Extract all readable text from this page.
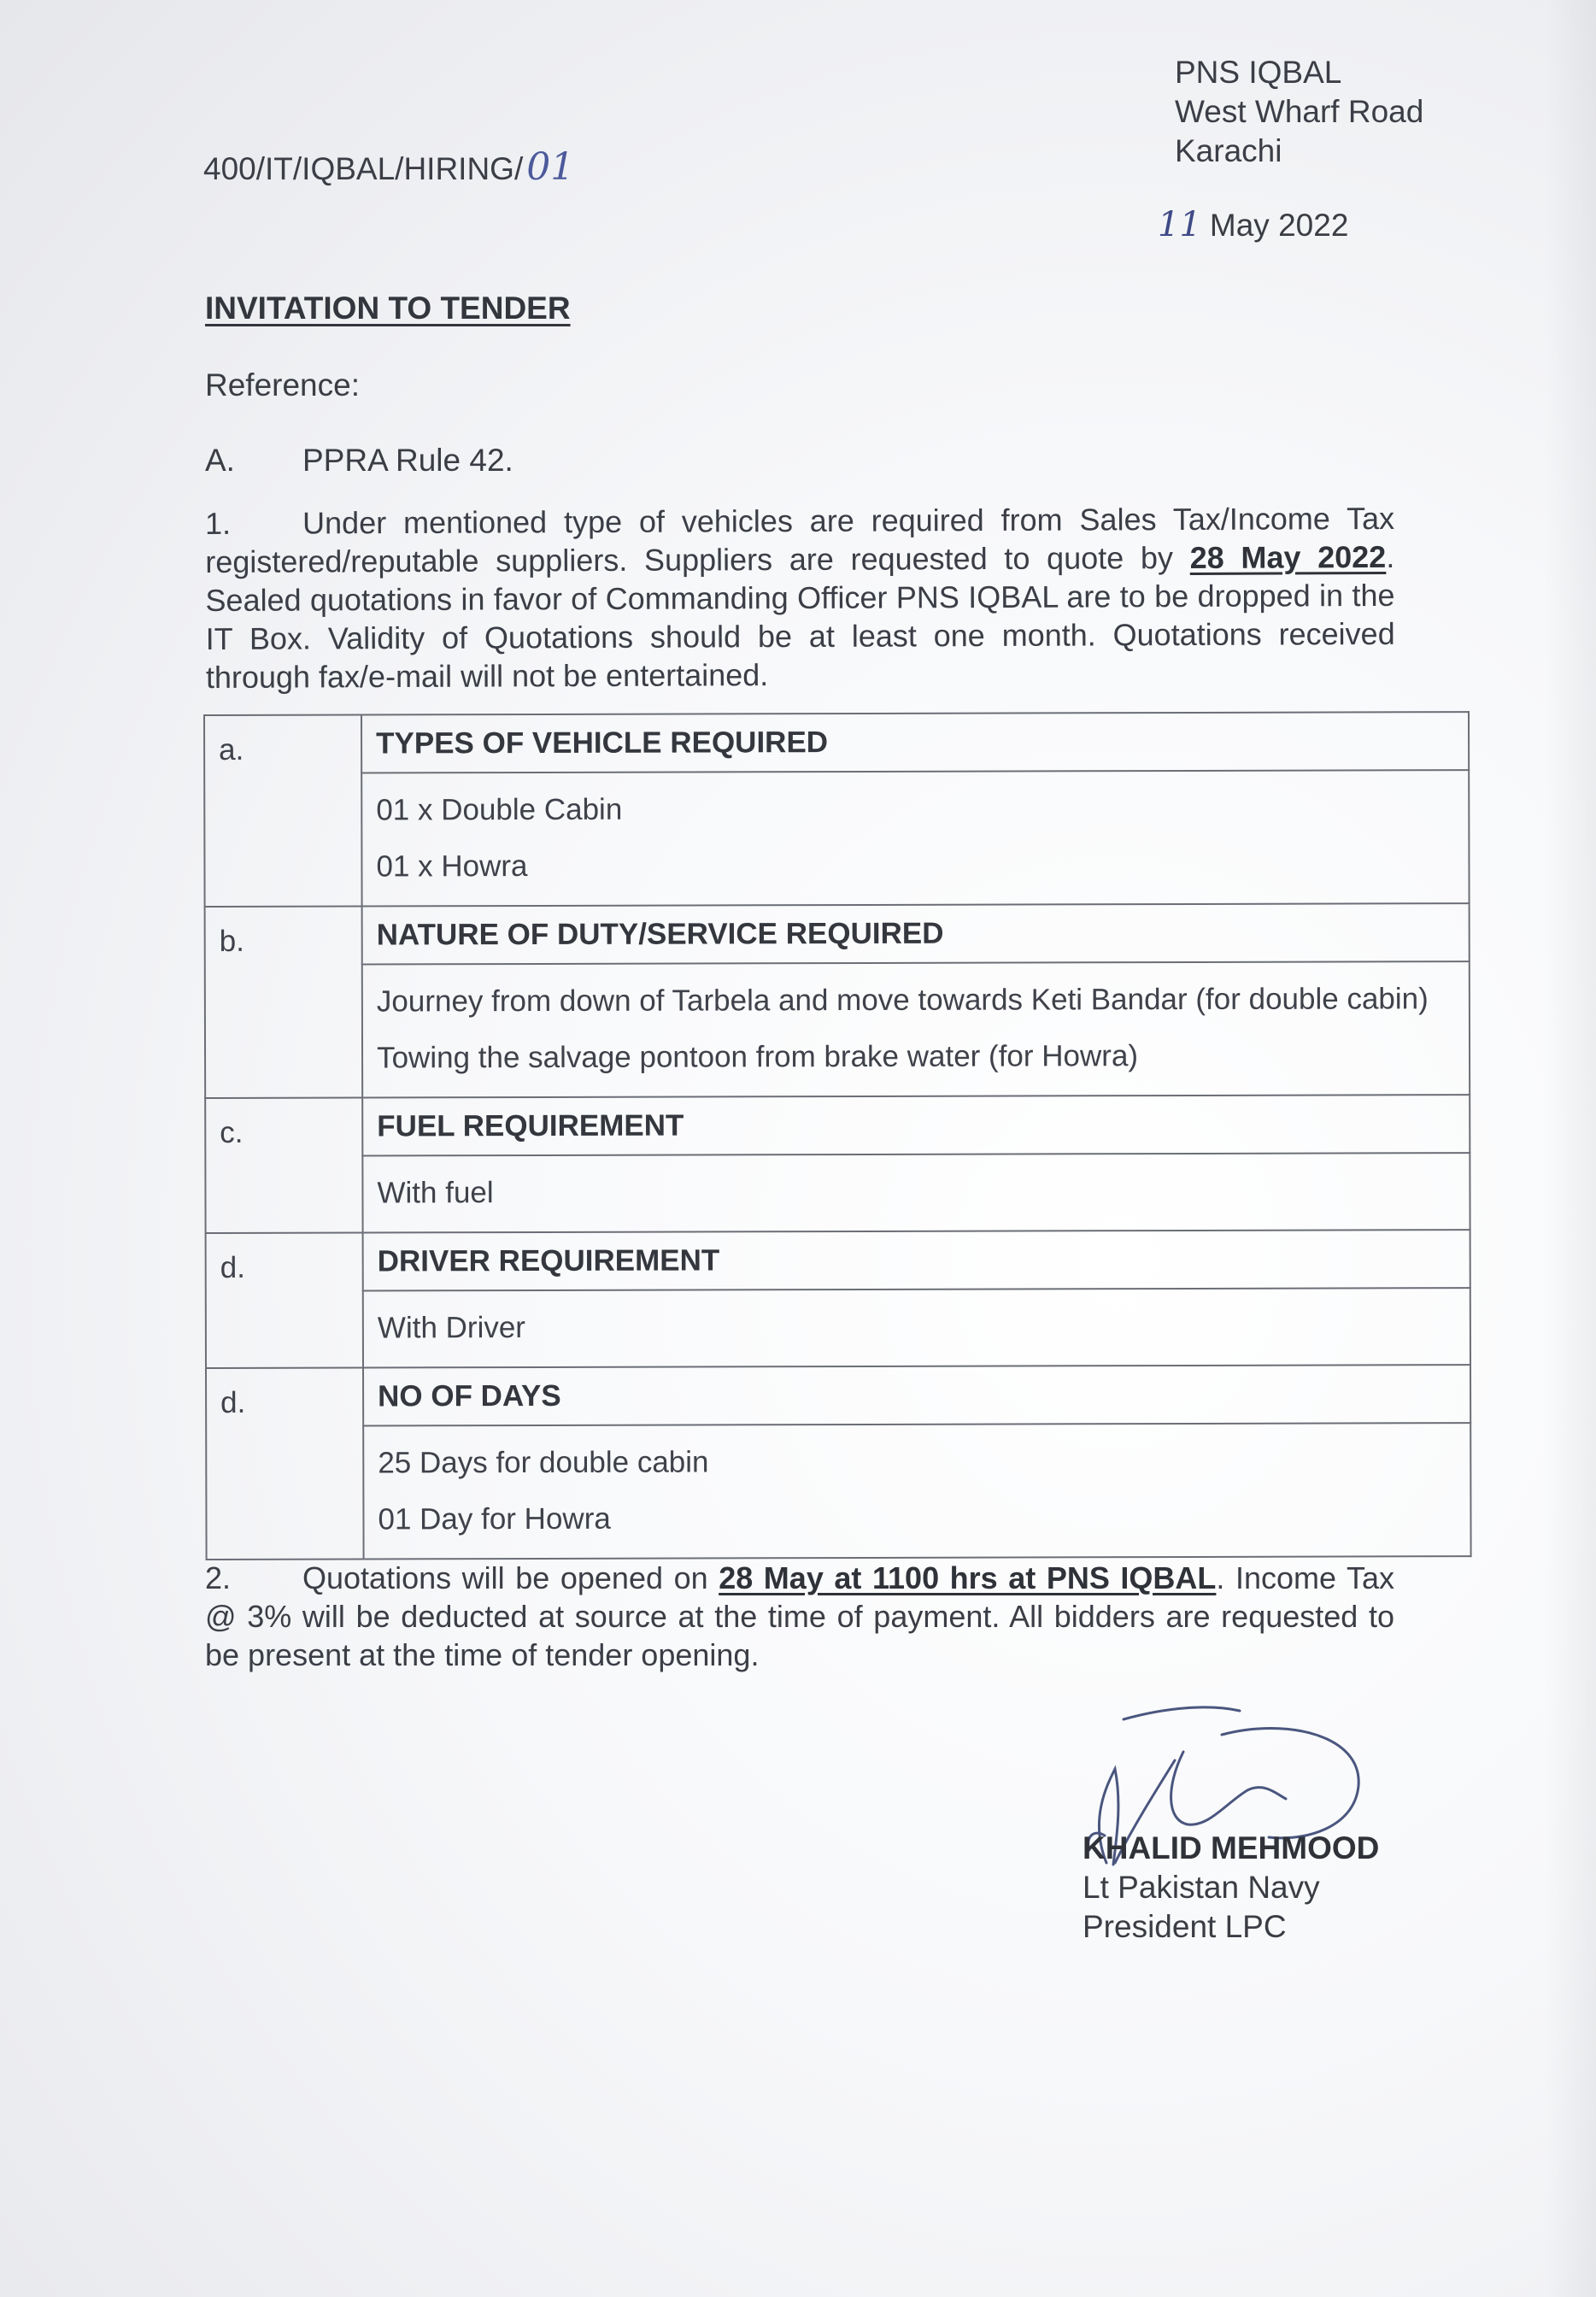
PNS IQBAL
West Wharf Road
Karachi
400/IT/IQBAL/HIRING/01
11 May 2022
INVITATION TO TENDER
Reference:
A. PPRA Rule 42.
1. Under mentioned type of vehicles are required from Sales Tax/Income Tax registered/reputable suppliers. Suppliers are requested to quote by 28 May 2022. Sealed quotations in favor of Commanding Officer PNS IQBAL are to be dropped in the IT Box. Validity of Quotations should be at least one month. Quotations received through fax/e-mail will not be entertained.
a.	TYPES OF VEHICLE REQUIRED

	01 x Double Cabin
01 x Howra

b.	NATURE OF DUTY/SERVICE REQUIRED

	Journey from down of Tarbela and move towards Keti Bandar (for double cabin)
Towing the salvage pontoon from brake water (for Howra)

c.	FUEL REQUIREMENT

	With fuel

d.	DRIVER REQUIREMENT

	With Driver

d.	NO OF DAYS

	25 Days for double cabin
01 Day for Howra
2. Quotations will be opened on 28 May at 1100 hrs at PNS IQBAL. Income Tax @ 3% will be deducted at source at the time of payment. All bidders are requested to be present at the time of tender opening.
KHALID MEHMOOD
Lt Pakistan Navy
President LPC
